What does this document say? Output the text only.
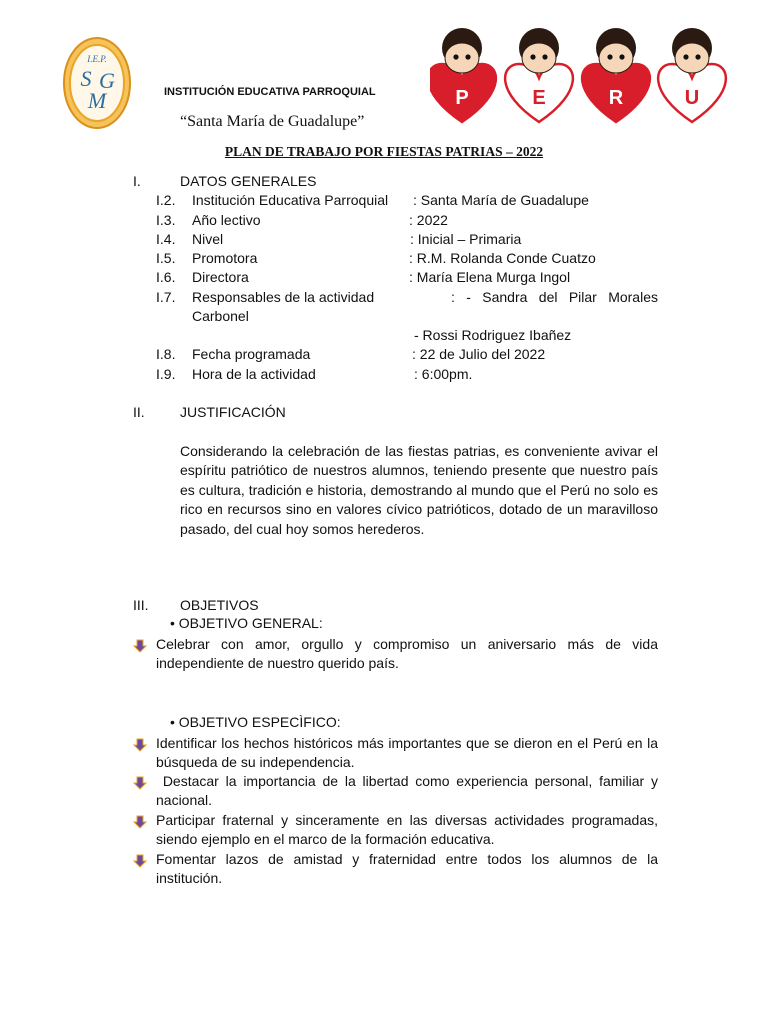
I.E.P.
S G
M	INSTITUCIÓN EDUCATIVA PARROQUIAL
“Santa María de Guadalupe”
P	E	R	U
PLAN DE TRABAJO POR FIESTAS PATRIAS – 2022
I.	DATOS GENERALES
I.2. Institución Educativa Parroquial : Santa María de Guadalupe
I.3. Año lectivo	: 2022
I.4. Nivel	: Inicial – Primaria
I.5. Promotora	: R.M. Rolanda Conde Cuatzo
I.6. Directora	: María Elena Murga Ingol
I.7. Responsables de la actividad	: - Sandra del Pilar Morales
Carbonel
- Rossi Rodriguez Ibañez
I.8. Fecha programada	: 22 de Julio del 2022
I.9. Hora de la actividad	: 6:00pm.
II.	JUSTIFICACIÓN
Considerando la celebración de las fiestas patrias, es conveniente avivar el espíritu patriótico de nuestros alumnos, teniendo presente que nuestro país es cultura, tradición e historia, demostrando al mundo que el Perú no solo es rico en recursos sino en valores cívico patrióticos, dotado de un maravilloso pasado, del cual hoy somos herederos.
III. OBJETIVOS
• OBJETIVO GENERAL:
Celebrar con amor, orgullo y compromiso un aniversario más de vida independiente de nuestro querido país.
• OBJETIVO ESPECÌFICO:
Identificar los hechos históricos más importantes que se dieron en el Perú en la búsqueda de su independencia.
Destacar la importancia de la libertad como experiencia personal, familiar y nacional.
Participar fraternal y sinceramente en las diversas actividades programadas, siendo ejemplo en el marco de la formación educativa.
Fomentar lazos de amistad y fraternidad entre todos los alumnos de la institución.
